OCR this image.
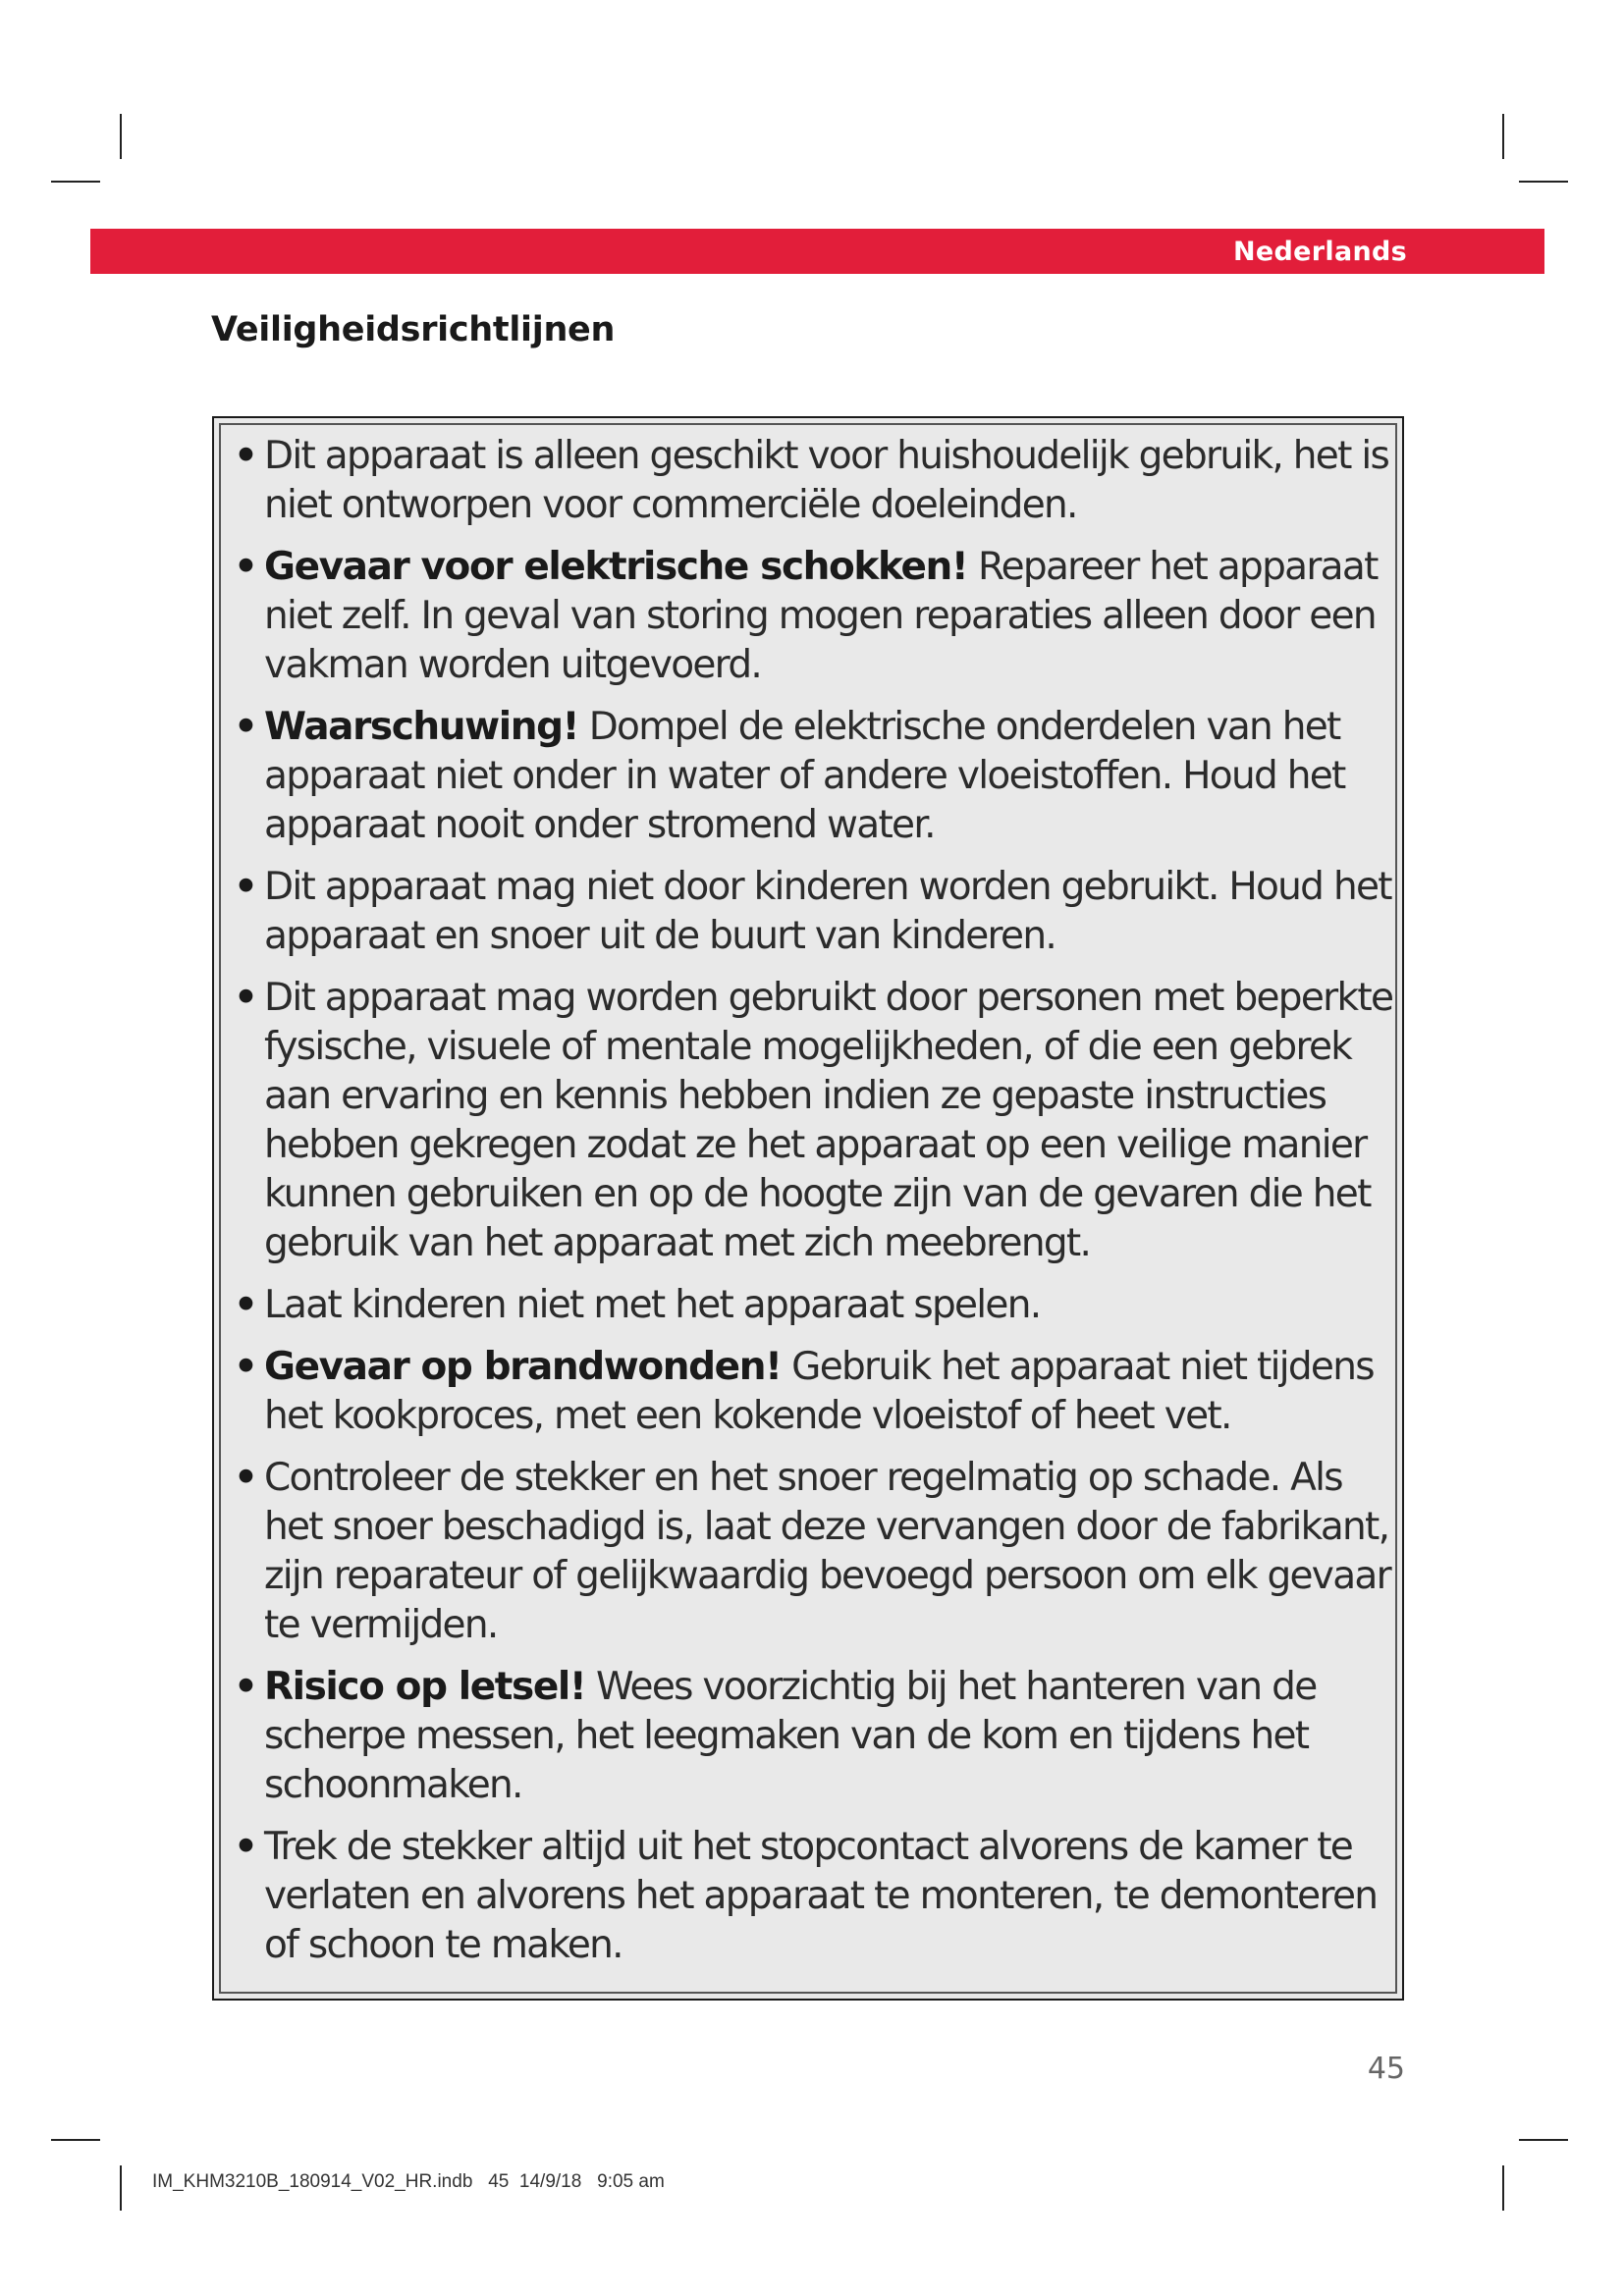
Nederlands
Veiligheidsrichtlijnen
• Dit apparaat is alleen geschikt voor huishoudelijk gebruik, het is niet ontworpen voor commerciële doeleinden.
• Gevaar voor elektrische schokken! Repareer het apparaat niet zelf. In geval van storing mogen reparaties alleen door een vakman worden uitgevoerd.
• Waarschuwing! Dompel de elektrische onderdelen van het apparaat niet onder in water of andere vloeistoffen. Houd het apparaat nooit onder stromend water.
• Dit apparaat mag niet door kinderen worden gebruikt. Houd het apparaat en snoer uit de buurt van kinderen.
• Dit apparaat mag worden gebruikt door personen met beperkte fysische, visuele of mentale mogelijkheden, of die een gebrek aan ervaring en kennis hebben indien ze gepaste instructies hebben gekregen zodat ze het apparaat op een veilige manier kunnen gebruiken en op de hoogte zijn van de gevaren die het gebruik van het apparaat met zich meebrengt.
• Laat kinderen niet met het apparaat spelen.
• Gevaar op brandwonden! Gebruik het apparaat niet tijdens het kookproces, met een kokende vloeistof of heet vet.
• Controleer de stekker en het snoer regelmatig op schade. Als het snoer beschadigd is, laat deze vervangen door de fabrikant, zijn reparateur of gelijkwaardig bevoegd persoon om elk gevaar te vermijden.
• Risico op letsel! Wees voorzichtig bij het hanteren van de scherpe messen, het leegmaken van de kom en tijdens het schoonmaken.
• Trek de stekker altijd uit het stopcontact alvorens de kamer te verlaten en alvorens het apparaat te monteren, te demonteren of schoon te maken.
45
IM_KHM3210B_180914_V02_HR.indb   45  14/9/18   9:05 am
